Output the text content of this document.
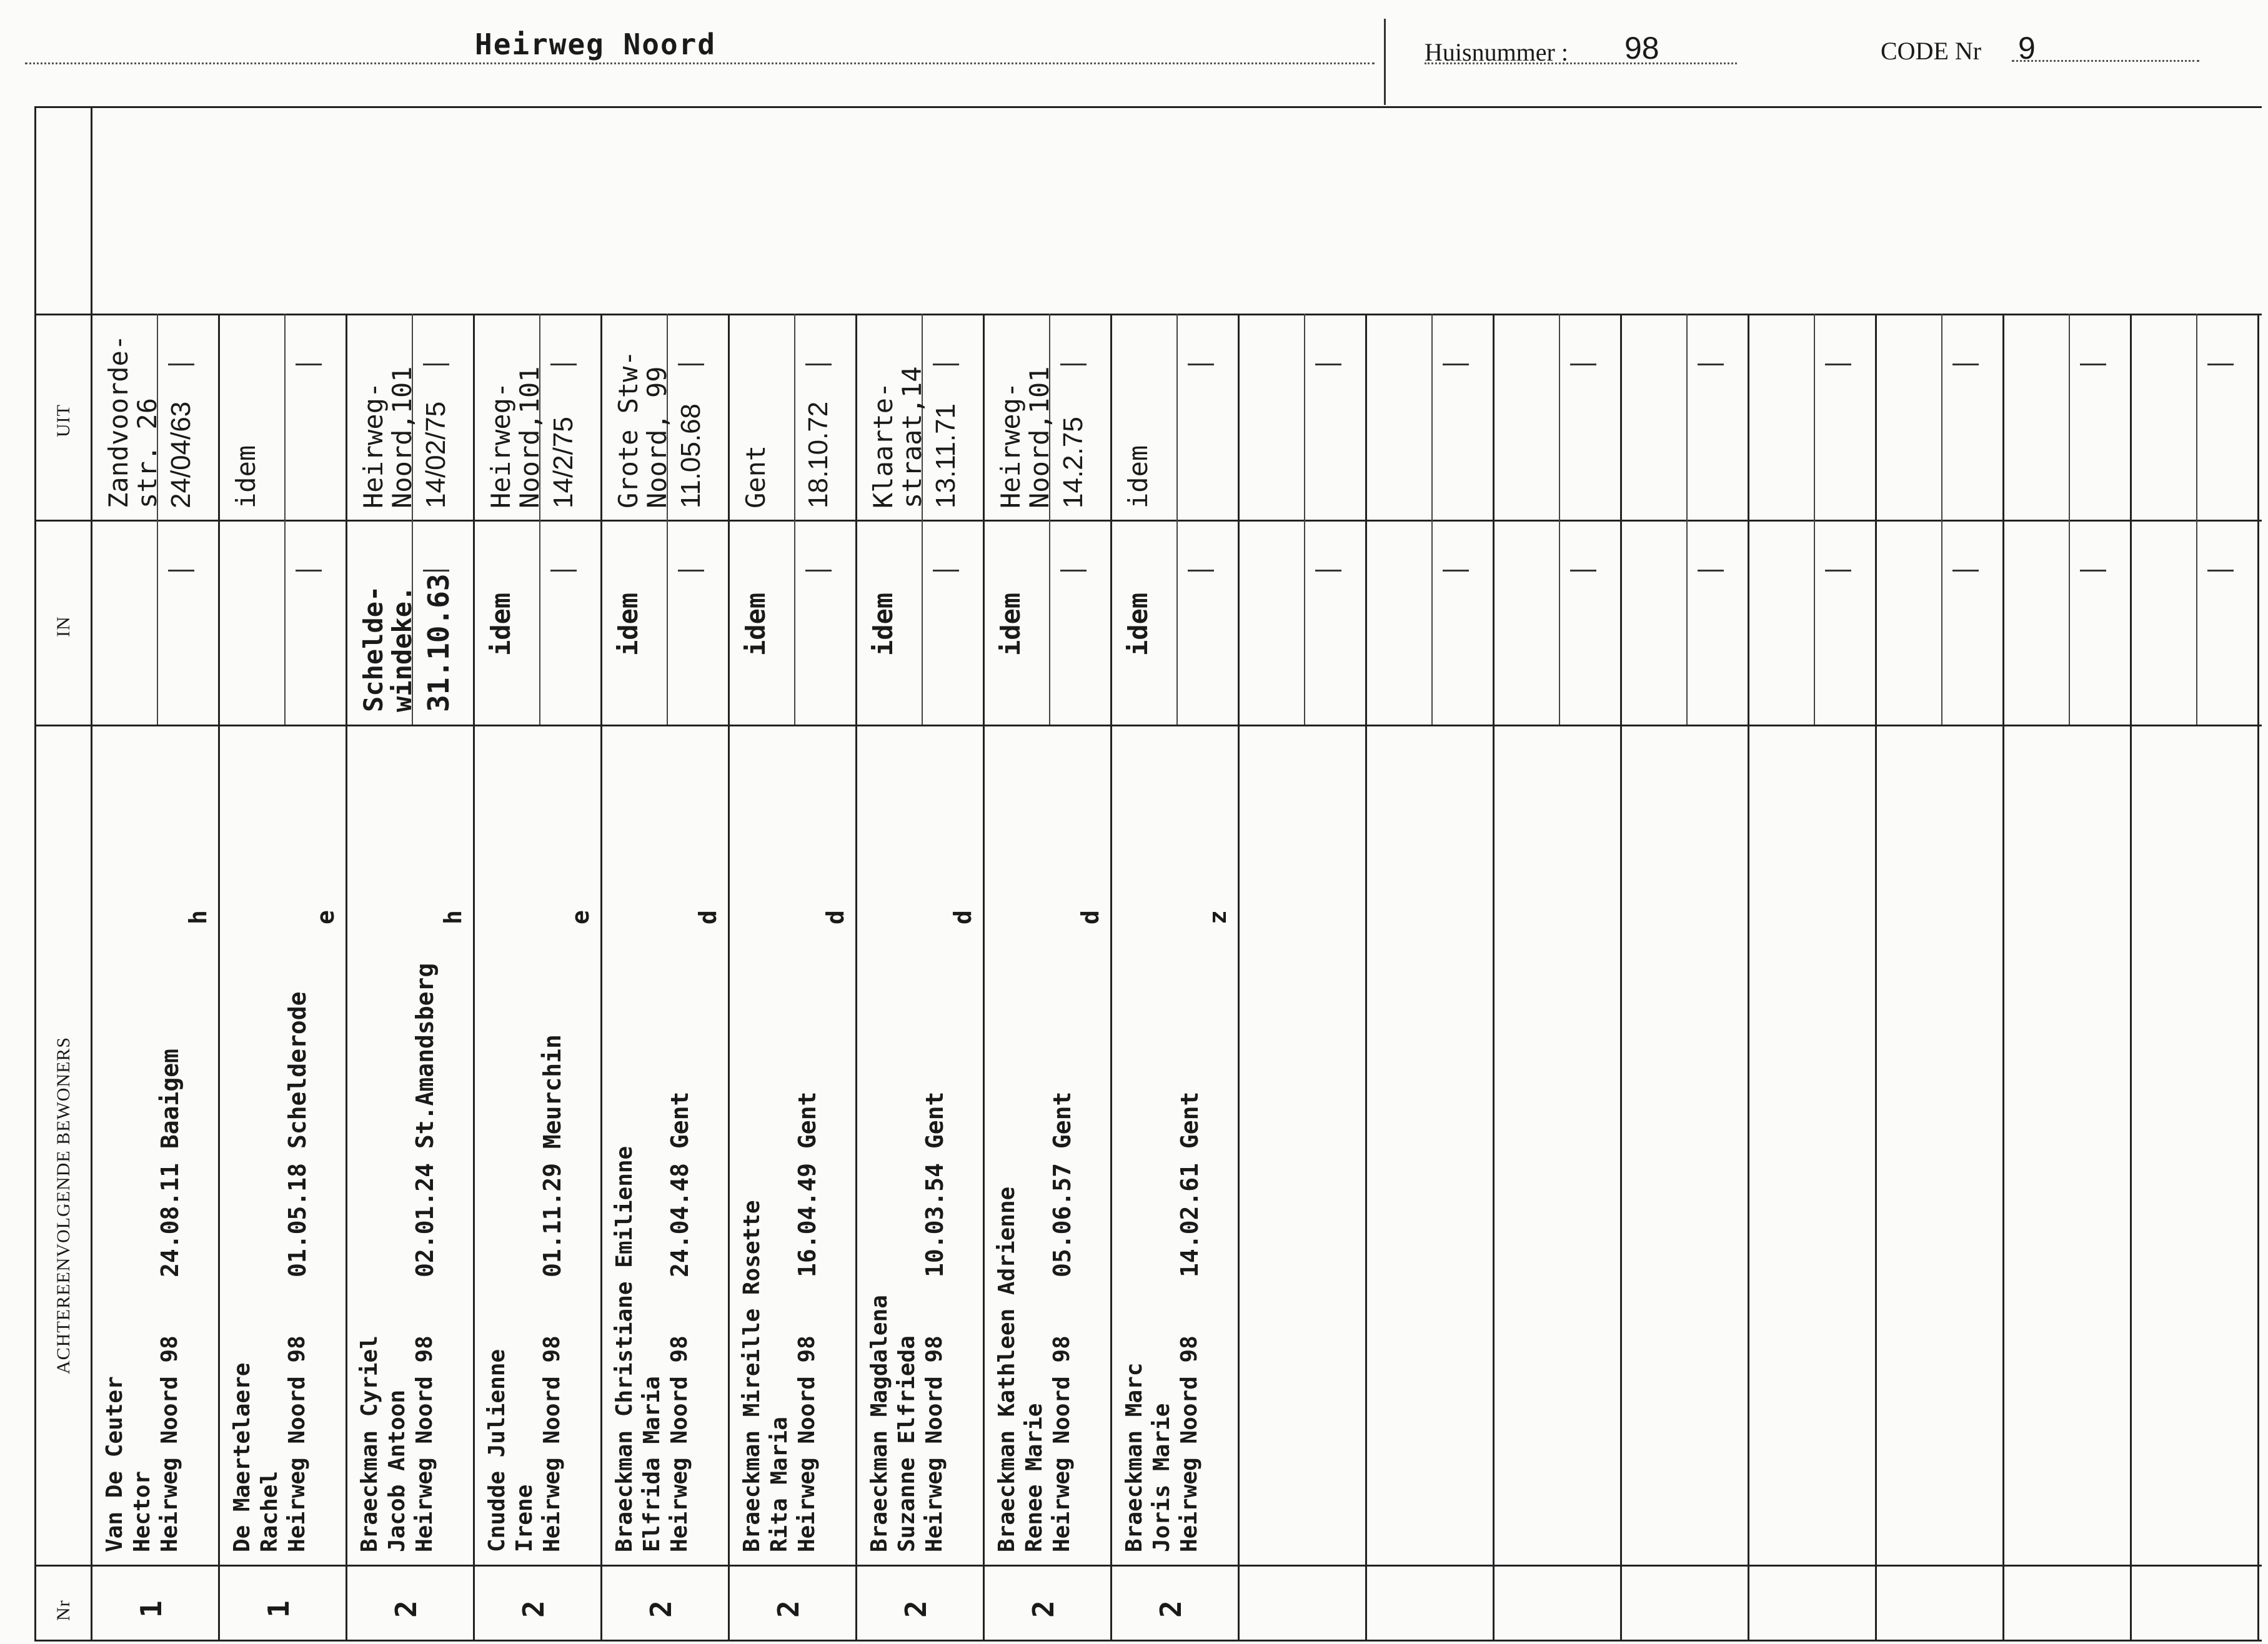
Heirweg Noord	Huisnummer : 98	CODE Nr 9
UIT
IN
ACHTEREENVOLGENDE BEWONERS
Nr
Zandvoorde-
str. 26 24/04/63
Van De Ceuter Hector Heirweg Noord 98
24.08.11 Baaigem
h
1
idem
De Maertelaere Rachel Heirweg Noord 98
01.05.18 Schelderode
e
1
Heirweg-
Noord,101 14/02/75
Schelde-
windeke. 31.10.63
Braeckman Cyriel Jacob Antoon Heirweg Noord 98
02.01.24 St.Amandsberg
h
2
Heirweg-
Noord,101 14/2/75
idem
Cnudde Julienne Irene Heirweg Noord 98
01.11.29 Meurchin
e
2
Grote Stw-
Noord, 99 11.05.68
idem
Braeckman Christiane Emilienne Elfrida Maria Heirweg Noord 98
24.04.48 Gent
d
2
Gent 18.10.72
idem
Braeckman Mireille Rosette Rita Maria Heirweg Noord 98
16.04.49 Gent
d
2
Klaarte-
straat,14 13.11.71
idem
Braeckman Magdalena Suzanne Elfrieda Heirweg Noord 98
10.03.54 Gent
d
2
Heirweg-
Noord,101 14.2.75
idem
Braeckman Kathleen Adrienne Renee Marie Heirweg Noord 98
05.06.57 Gent
d
2
idem
idem
Braeckman Marc Joris Marie Heirweg Noord 98
14.02.61 Gent
z
2
